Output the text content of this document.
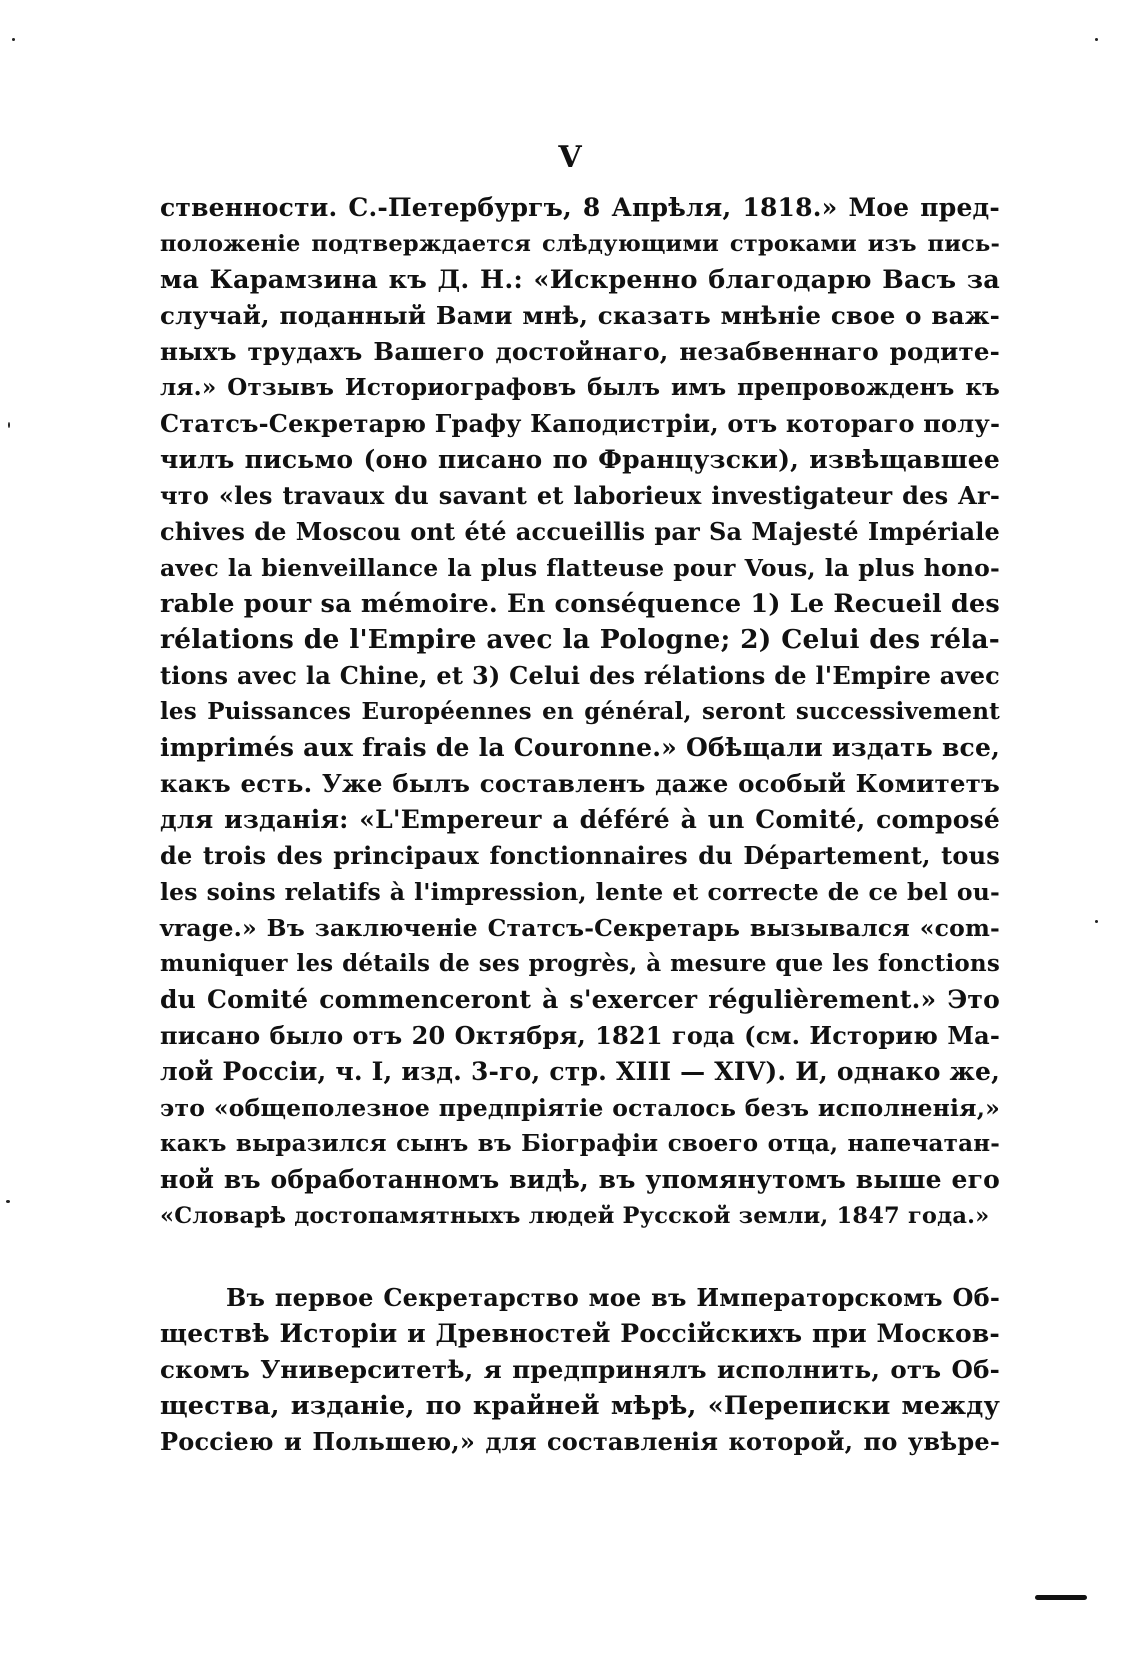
V
ственности. С.-Петербургъ, 8 Апрѣля, 1818.» Мое пред-
положеніе подтверждается слѣдующими строками изъ пись-
ма Карамзина къ Д. Н.: «Искренно благодарю Васъ за
случай, поданный Вами мнѣ, сказать мнѣніе свое о важ-
ныхъ трудахъ Вашего достойнаго, незабвеннаго родите-
ля.» Отзывъ Историографовъ былъ имъ препровожденъ къ
Статсъ-Секретарю Графу Каподистріи, отъ котораго полу-
чилъ письмо (оно писано по Французски), извѣщавшее
что «les travaux du savant et laborieux investigateur des Ar-
chives de Moscou ont été accueillis par Sa Majesté Impériale
avec la bienveillance la plus flatteuse pour Vous, la plus hono-
rable pour sa mémoire. En conséquence 1) Le Recueil des
rélations de l'Empire avec la Pologne; 2) Celui des réla-
tions avec la Chine, et 3) Celui des rélations de l'Empire avec
les Puissances Européennes en général, seront successivement
imprimés aux frais de la Couronne.» Обѣщали издать все,
какъ есть. Уже былъ составленъ даже особый Комитетъ
для изданія: «L'Empereur a déféré à un Comité, composé
de trois des principaux fonctionnaires du Département, tous
les soins relatifs à l'impression, lente et correcte de ce bel ou-
vrage.» Въ заключеніе Статсъ-Секретарь вызывался «com-
muniquer les détails de ses progrès, à mesure que les fonctions
du Comité commenceront à s'exercer régulièrement.» Это
писано было отъ 20 Октября, 1821 года (см. Историю Ма-
лой Россіи, ч. I, изд. 3-го, стр. XIII — XIV). И, однако же,
это «общеполезное предпріятіе осталось безъ исполненія,»
какъ выразился сынъ въ Біографіи своего отца, напечатан-
ной въ обработанномъ видѣ, въ упомянутомъ выше его
«Словарѣ достопамятныхъ людей Русской земли, 1847 года.»
Въ первое Секретарство мое въ Императорскомъ Об-
ществѣ Исторіи и Древностей Россійскихъ при Москов-
скомъ Университетѣ, я предпринялъ исполнить, отъ Об-
щества, изданіе, по крайней мѣрѣ, «Переписки между
Россіею и Польшею,» для составленія которой, по увѣре-
